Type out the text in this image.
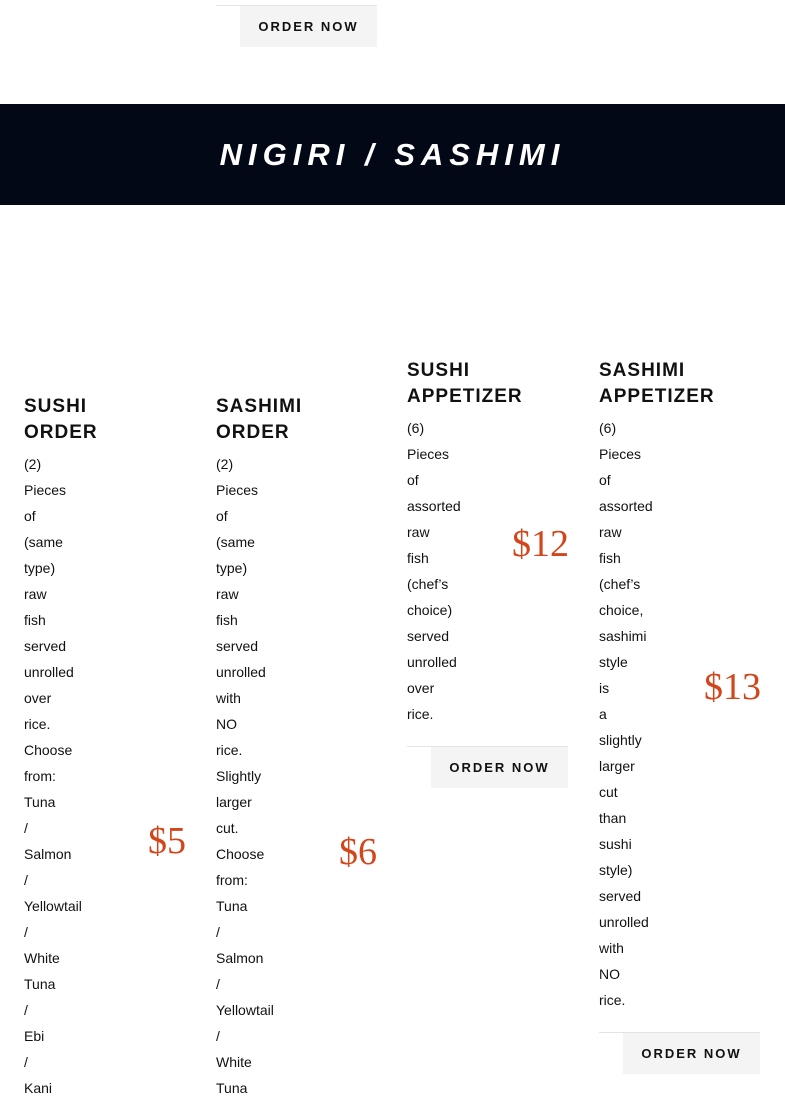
ORDER NOW
NIGIRI / SASHIMI
SUSHI
ORDER
(2)
Pieces
of
(same
type)
raw
fish
served
unrolled
over
rice.
Choose
from:
Tuna
/
Salmon
/
Yellowtail
/
White
Tuna
/
Ebi
/
Kani
$5
SASHIMI
ORDER
(2)
Pieces
of
(same
type)
raw
fish
served
unrolled
with
NO
rice.
Slightly
larger
cut.
Choose
from:
Tuna
/
Salmon
/
Yellowtail
/
White
Tuna
$6
SUSHI
APPETIZER
(6)
Pieces
of
assorted
raw
fish
(chef’s
choice)
served
unrolled
over
rice.
$12
ORDER NOW
SASHIMI
APPETIZER
(6)
Pieces
of
assorted
raw
fish
(chef’s
choice,
sashimi
style
is
a
slightly
larger
cut
than
sushi
style)
served
unrolled
with
NO
rice.
$13
ORDER NOW
